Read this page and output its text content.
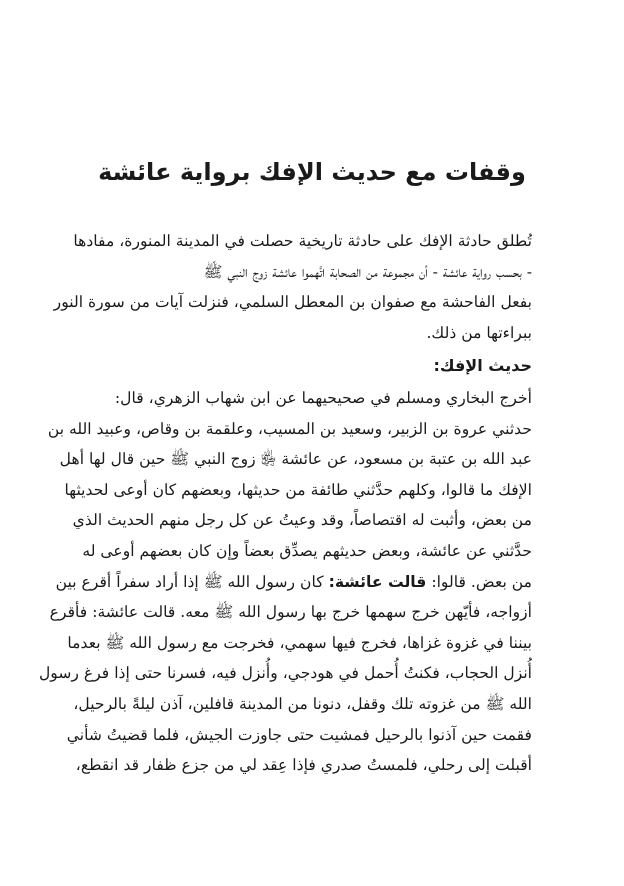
وقفات مع حديث الإفك برواية عائشة

تُطلق حادثة الإفك على حادثة تاريخية حصلت في المدينة المنورة، مفادها
- بحسب رواية عائشة - أن مجموعة من الصحابة اتَّهموا عائشة زوج النبي ﷺ
بفعل الفاحشة مع صفوان بن المعطل السلمي، فنزلت آيات من سورة النور
ببراءتها من ذلك.

حديث الإفك:

أخرج البخاري ومسلم في صحيحيهما عن ابن شهاب الزهري، قال:
حدثني عروة بن الزبير، وسعيد بن المسيب، وعلقمة بن وقاص، وعبيد الله بن
عبد الله بن عتبة بن مسعود، عن عائشة ﵂ زوج النبي ﷺ حين قال لها أهل
الإفك ما قالوا، وكلهم حدَّثني طائفة من حديثها، وبعضهم كان أوعى لحديثها
من بعض، وأثبت له اقتصاصاً، وقد وعيتُ عن كل رجل منهم الحديث الذي
حدَّثني عن عائشة، وبعض حديثهم يصدِّق بعضاً وإن كان بعضهم أوعى له
من بعض. قالوا: قالت عائشة: كان رسول الله ﷺ إذا أراد سفراً أقرع بين
أزواجه، فأيّهن خرج سهمها خرج بها رسول الله ﷺ معه. قالت عائشة: فأقرع
بيننا في غزوة غزاها، فخرج فيها سهمي، فخرجت مع رسول الله ﷺ بعدما
أُنزل الحجاب، فكنتُ أُحمل في هودجي، وأُنزل فيه، فسرنا حتى إذا فرغ رسول
الله ﷺ من غزوته تلك وقفل، دنونا من المدينة قافلين، آذن ليلةً بالرحيل،
فقمت حين آذنوا بالرحيل فمشيت حتى جاوزت الجيش، فلما قضيتُ شأني
أقبلت إلى رحلي، فلمستُ صدري فإذا عِقد لي من جزع ظفار قد انقطع،
